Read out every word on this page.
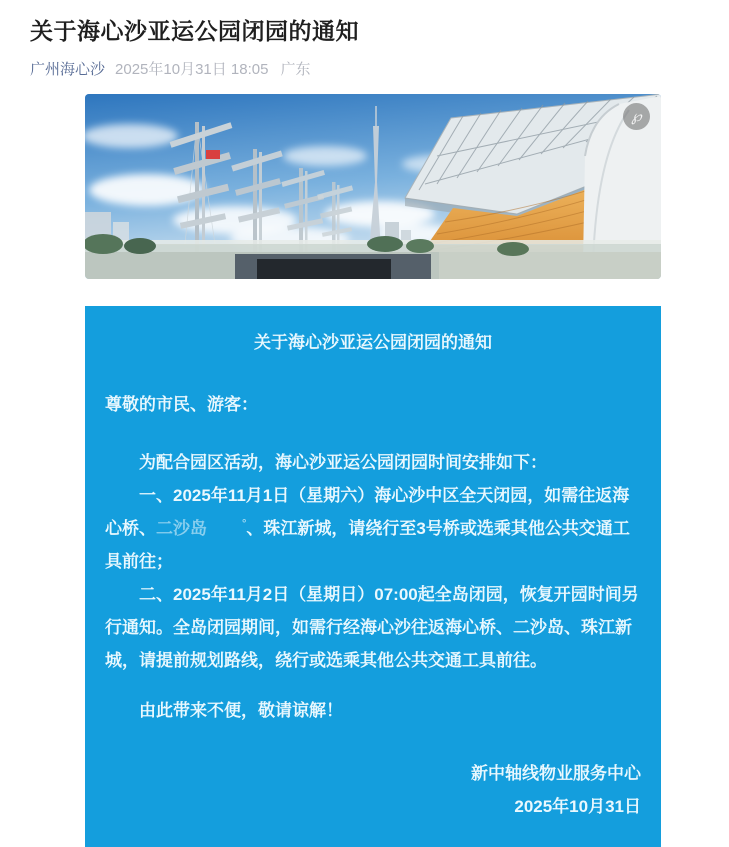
关于海心沙亚运公园闭园的通知
广州海心沙 2025年10月31日 18:05 广东
℘

关于海心沙亚运公园闭园的通知

尊敬的市民、游客：

为配合园区活动，海心沙亚运公园闭园时间安排如下：

一、2025年11月1日（星期六）海心沙中区全天闭园，如需往返海心桥、二沙岛	°、珠江新城，请绕行至3号桥或选乘其他公共交通工具前往；

二、2025年11月2日（星期日）07:00起全岛闭园，恢复开园时间另行通知。全岛闭园期间，如需行经海心沙往返海心桥、二沙岛、珠江新城，请提前规划路线，绕行或选乘其他公共交通工具前往。

由此带来不便，敬请谅解！

新中轴线物业服务中心

2025年10月31日
